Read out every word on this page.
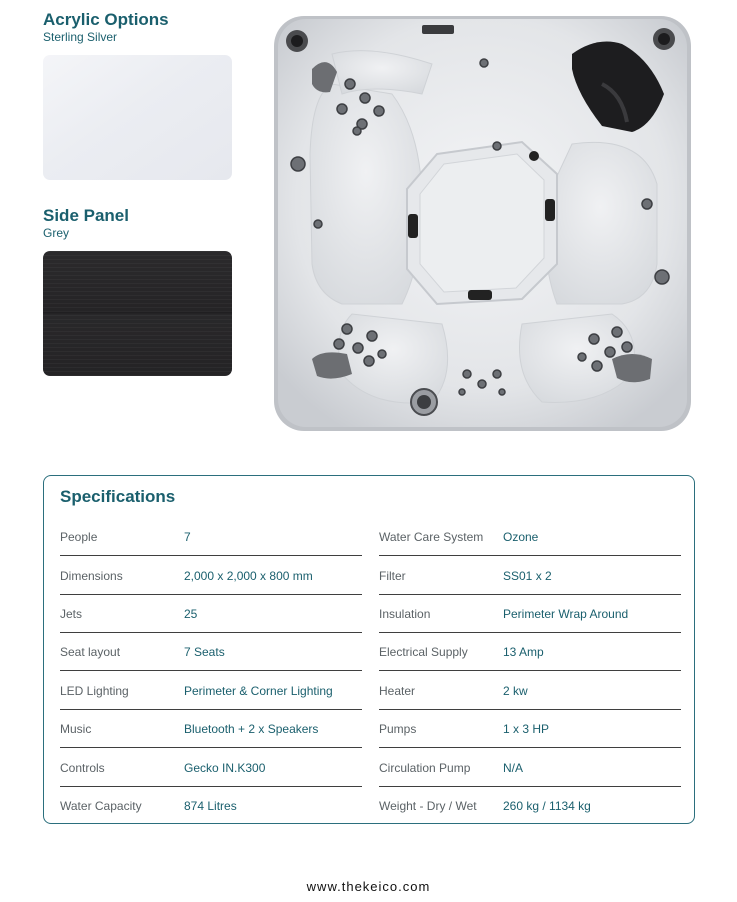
Acrylic Options

Sterling Silver

Side Panel

Grey

Specifications
People	7
Dimensions	2,000 x 2,000 x 800 mm
Jets	25
Seat layout	7 Seats
LED Lighting	Perimeter & Corner Lighting
Music	Bluetooth + 2 x Speakers
Controls	Gecko IN.K300
Water Capacity	874 Litres
Water Care System Ozone
Filter	SS01 x 2
Insulation	Perimeter Wrap Around
Electrical Supply	13 Amp
Heater	2 kw
Pumps	1 x 3 HP
Circulation Pump	N/A
Weight - Dry / Wet 260 kg / 1134 kg
www.thekeico.com
